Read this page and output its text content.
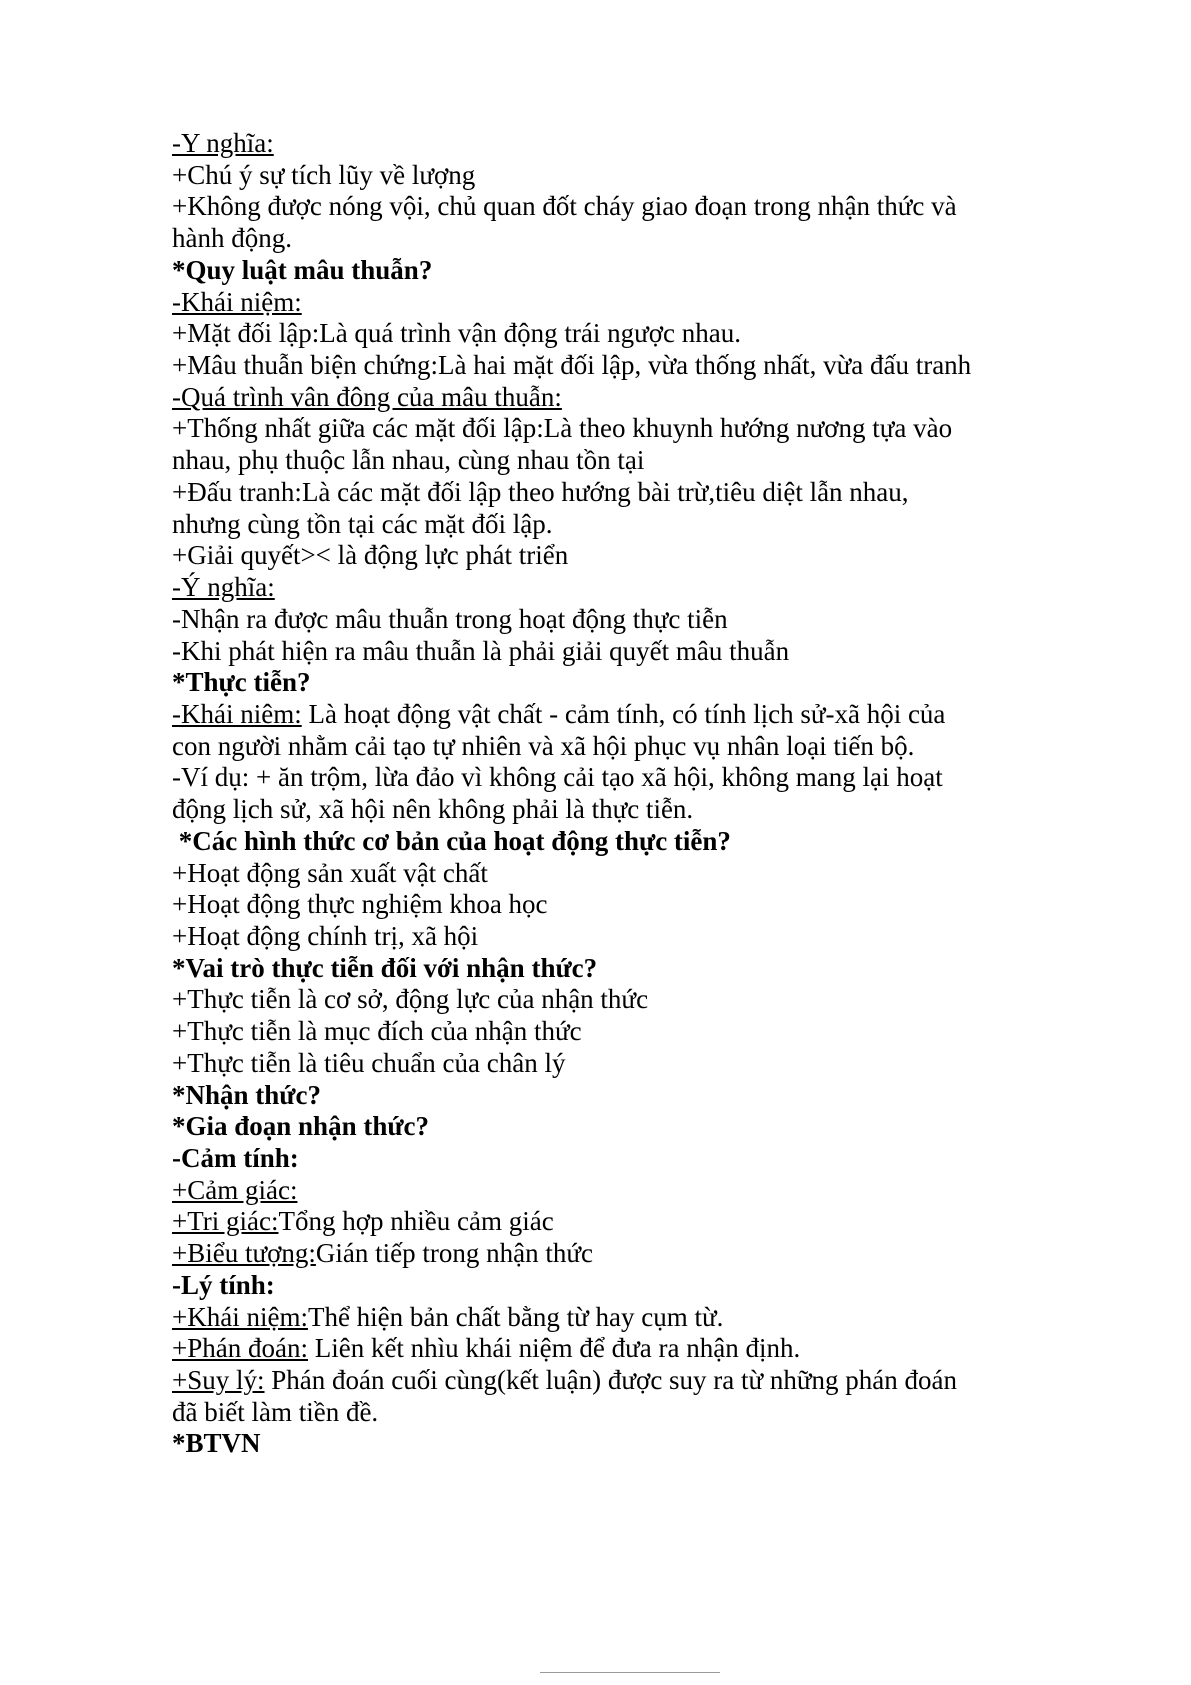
-Y nghĩa:

+Chú ý sự tích lũy về lượng

+Không được nóng vội, chủ quan đốt cháy giao đoạn trong nhận thức và hành động.

*Quy luật mâu thuẫn?

-Khái niệm:

+Mặt đối lập:Là quá trình vận động trái ngược nhau.

+Mâu thuẫn biện chứng:Là hai mặt đối lập, vừa thống nhất, vừa đấu tranh

-Quá trình vân đông của mâu thuẫn:

+Thống nhất giữa các mặt đối lập:Là theo khuynh hướng nương tựa vào nhau, phụ thuộc lẫn nhau, cùng nhau tồn tại

+Đấu tranh:Là các mặt đối lập theo hướng bài trừ,tiêu diệt lẫn nhau, nhưng cùng tồn tại các mặt đối lập.

+Giải quyết>< là động lực phát triển

-Ý nghĩa:

-Nhận ra được mâu thuẫn trong hoạt động thực tiễn

-Khi phát hiện ra mâu thuẫn là phải giải quyết mâu thuẫn

*Thực tiễn?

-Khái niêm: Là hoạt động vật chất - cảm tính, có tính lịch sử-xã hội của con người nhằm cải tạo tự nhiên và xã hội phục vụ nhân loại tiến bộ.

-Ví dụ: + ăn trộm, lừa đảo vì không cải tạo xã hội, không mang lại hoạt động lịch sử, xã hội nên không phải là thực tiễn.

*Các hình thức cơ bản của hoạt động thực tiễn?

+Hoạt động sản xuất vật chất

+Hoạt động thực nghiệm khoa học

+Hoạt động chính trị, xã hội

*Vai trò thực tiễn đối với nhận thức?

+Thực tiễn là cơ sở, động lực của nhận thức

+Thực tiễn là mục đích của nhận thức

+Thực tiễn là tiêu chuẩn của chân lý

*Nhận thức?

*Gia đoạn nhận thức?

-Cảm tính:

+Cảm giác:

+Tri giác:Tổng hợp nhiều cảm giác

+Biểu tượng:Gián tiếp trong nhận thức

-Lý tính:

+Khái niệm:Thể hiện bản chất bằng từ hay cụm từ.

+Phán đoán: Liên kết nhìu khái niệm để đưa ra nhận định.

+Suy lý: Phán đoán cuối cùng(kết luận) được suy ra từ những phán đoán đã biết làm tiền đề.

*BTVN
